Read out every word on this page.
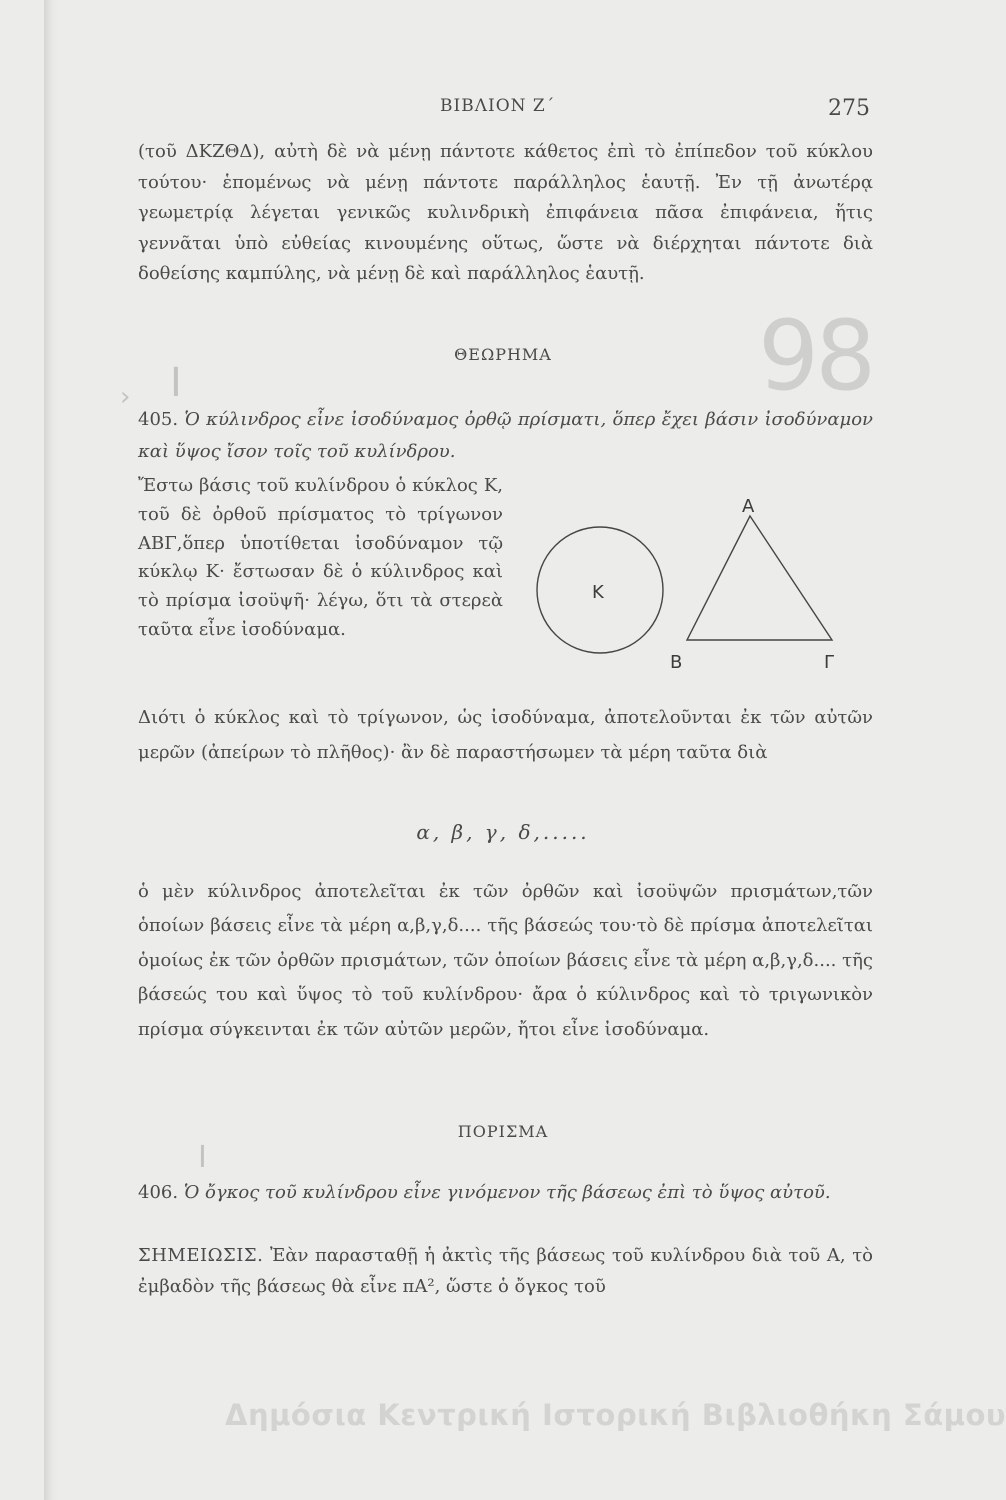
ΒΙΒΛΙΟΝ Ζ΄	275
(τοῦ ΔΚΖΘΔ), αὐτὴ δὲ νὰ μένῃ πάντοτε κάθετος ἐπὶ τὸ ἐπίπεδον τοῦ κύκλου τούτου· ἑπομένως νὰ μένῃ πάντοτε παράλληλος ἑαυτῇ. Ἐν τῇ ἀνωτέρᾳ γεωμετρίᾳ λέγεται γενικῶς κυλινδρικὴ ἐπιφάνεια πᾶσα ἐπιφάνεια, ἥτις γεννᾶται ὑπὸ εὐθείας κινουμένης οὕτως, ὥστε νὰ διέρχηται πάντοτε διὰ δοθείσης καμπύλης, νὰ μένῃ δὲ καὶ παράλληλος ἑαυτῇ.
98
› Ι
ΘΕΩΡΗΜΑ
405. Ὁ κύλινδρος εἶνε ἰσοδύναμος ὀρθῷ πρίσματι, ὅπερ ἔχει βάσιν ἰσοδύναμον καὶ ὕψος ἴσον τοῖς τοῦ κυλίνδρου.
Ἔστω βάσις τοῦ κυλίνδρου ὁ κύκλος Κ, τοῦ δὲ ὀρθοῦ πρίσματος τὸ τρίγωνον ΑΒΓ,ὅπερ ὑποτίθεται ἰσοδύναμον τῷ κύκλῳ Κ· ἔστωσαν δὲ ὁ κύλινδρος καὶ τὸ πρίσμα ἰσοϋψῆ· λέγω, ὅτι τὰ στερεὰ ταῦτα εἶνε ἰσοδύναμα.
Κ
Α
Β	Γ
Διότι ὁ κύκλος καὶ τὸ τρίγωνον, ὡς ἰσοδύναμα, ἀποτελοῦνται ἐκ τῶν αὐτῶν μερῶν (ἀπείρων τὸ πλῆθος)· ἂν δὲ παραστήσωμεν τὰ μέρη ταῦτα διὰ
α, β, γ, δ,.....
ὁ μὲν κύλινδρος ἀποτελεῖται ἐκ τῶν ὀρθῶν καὶ ἰσοϋψῶν πρισμάτων,τῶν ὁποίων βάσεις εἶνε τὰ μέρη α,β,γ,δ.... τῆς βάσεώς του·τὸ δὲ πρίσμα ἀποτελεῖται ὁμοίως ἐκ τῶν ὀρθῶν πρισμάτων, τῶν ὁποίων βάσεις εἶνε τὰ μέρη α,β,γ,δ.... τῆς βάσεώς του καὶ ὕψος τὸ τοῦ κυλίνδρου· ἄρα ὁ κύλινδρος καὶ τὸ τριγωνικὸν πρίσμα σύγκεινται ἐκ τῶν αὐτῶν μερῶν, ἤτοι εἶνε ἰσοδύναμα.
ΠΟΡΙΣΜΑ
Ι
406. Ὁ ὄγκος τοῦ κυλίνδρου εἶνε γινόμενον τῆς βάσεως ἐπὶ τὸ ὕψος αὐτοῦ.
ΣΗΜΕΙΩΣΙΣ. Ἐὰν παρασταθῇ ἡ ἀκτὶς τῆς βάσεως τοῦ κυλίνδρου διὰ τοῦ Α, τὸ ἐμβαδὸν τῆς βάσεως θὰ εἶνε πΑ², ὥστε ὁ ὄγκος τοῦ
Δημόσια Κεντρική Ιστορική Βιβλιοθήκη Σάμου
